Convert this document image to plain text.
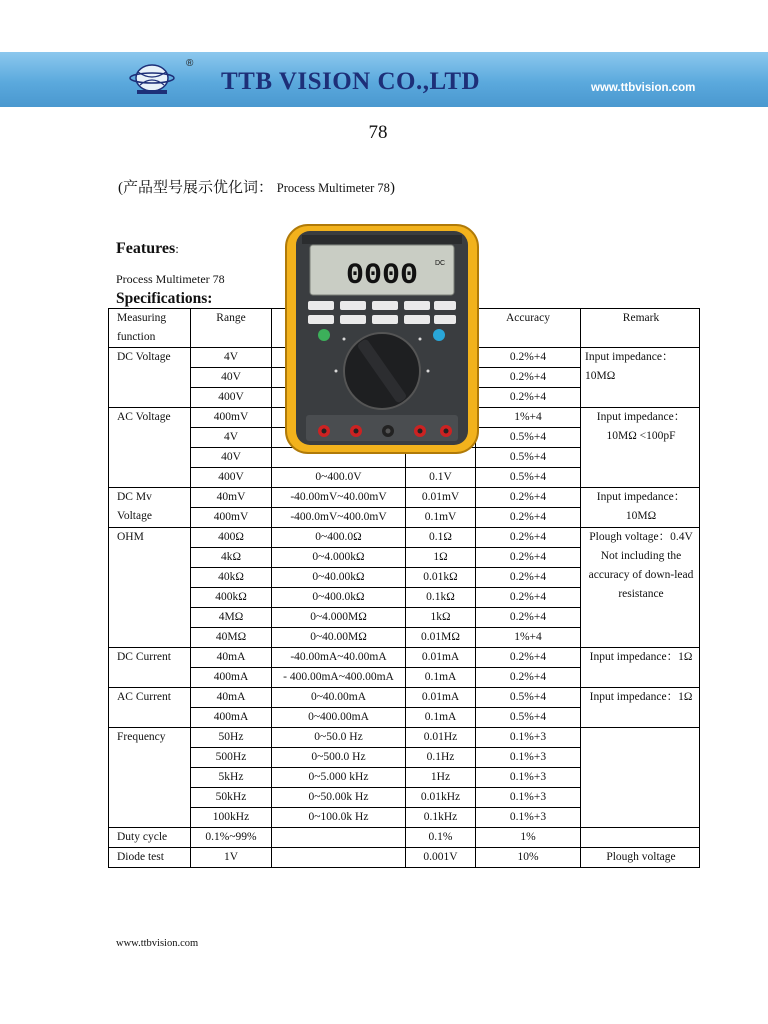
®
TTB VISION CO.,LTD	www.ttbvision.com
78
(产品型号展示优化词： Process Multimeter 78)
Features:
Process Multimeter 78
Specifications:
Measuring function	Range			Accuracy	Remark
DC Voltage	4V			0.2%+4	Input impedance：10MΩ
	40V			0.2%+4	
	400V			0.2%+4	
AC Voltage	400mV			1%+4	Input impedance：10MΩ <100pF
	4V			0.5%+4	
	40V			0.5%+4	
	400V	0~400.0V	0.1V	0.5%+4	
DC Mv Voltage	40mV	-40.00mV~40.00mV	0.01mV	0.2%+4	Input impedance：10MΩ
	400mV	-400.0mV~400.0mV	0.1mV	0.2%+4	
OHM	400Ω	0~400.0Ω	0.1Ω	0.2%+4	Plough voltage：0.4V Not including the accuracy of down-lead resistance
	4kΩ	0~4.000kΩ	1Ω	0.2%+4	
	40kΩ	0~40.00kΩ	0.01kΩ	0.2%+4	
	400kΩ	0~400.0kΩ	0.1kΩ	0.2%+4	
	4MΩ	0~4.000MΩ	1kΩ	0.2%+4	
	40MΩ	0~40.00MΩ	0.01MΩ	1%+4	
DC Current	40mA	-40.00mA~40.00mA	0.01mA	0.2%+4	Input impedance：1Ω
	400mA	- 400.00mA~400.00mA	0.1mA	0.2%+4	
AC Current	40mA	0~40.00mA	0.01mA	0.5%+4	Input impedance：1Ω
	400mA	0~400.00mA	0.1mA	0.5%+4	
Frequency	50Hz	0~50.0 Hz	0.01Hz	0.1%+3	
	500Hz	0~500.0 Hz	0.1Hz	0.1%+3	
	5kHz	0~5.000 kHz	1Hz	0.1%+3	
	50kHz	0~50.00k Hz	0.01kHz	0.1%+3	
	100kHz	0~100.0k Hz	0.1kHz	0.1%+3	
Duty cycle	0.1%~99%		0.1%	1%	
Diode test	1V		0.001V	10%	Plough voltage
0000 DC
www.ttbvision.com
